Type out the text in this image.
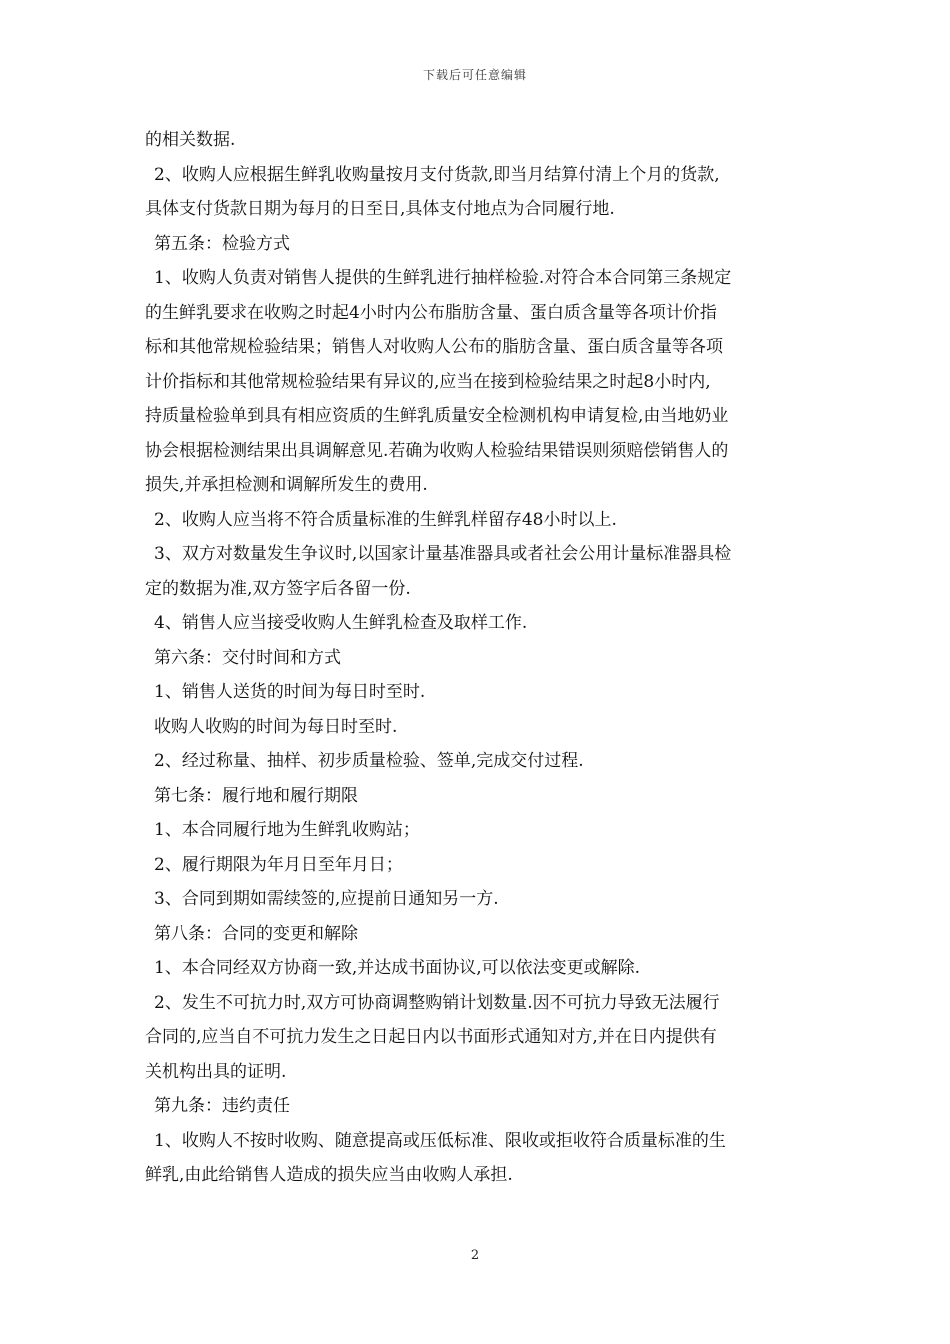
下载后可任意编辑
的相关数据.
2、收购人应根据生鲜乳收购量按月支付货款,即当月结算付清上个月的货款,
具体支付货款日期为每月的日至日,具体支付地点为合同履行地.
第五条：检验方式
1、收购人负责对销售人提供的生鲜乳进行抽样检验.对符合本合同第三条规定
的生鲜乳要求在收购之时起4小时内公布脂肪含量、蛋白质含量等各项计价指
标和其他常规检验结果；销售人对收购人公布的脂肪含量、蛋白质含量等各项
计价指标和其他常规检验结果有异议的,应当在接到检验结果之时起8小时内,
持质量检验单到具有相应资质的生鲜乳质量安全检测机构申请复检,由当地奶业
协会根据检测结果出具调解意见.若确为收购人检验结果错误则须赔偿销售人的
损失,并承担检测和调解所发生的费用.
2、收购人应当将不符合质量标准的生鲜乳样留存48小时以上.
3、双方对数量发生争议时,以国家计量基准器具或者社会公用计量标准器具检
定的数据为准,双方签字后各留一份.
4、销售人应当接受收购人生鲜乳检查及取样工作.
第六条：交付时间和方式
1、销售人送货的时间为每日时至时.
收购人收购的时间为每日时至时.
2、经过称量、抽样、初步质量检验、签单,完成交付过程.
第七条：履行地和履行期限
1、本合同履行地为生鲜乳收购站；
2、履行期限为年月日至年月日；
3、合同到期如需续签的,应提前日通知另一方.
第八条：合同的变更和解除
1、本合同经双方协商一致,并达成书面协议,可以依法变更或解除.
2、发生不可抗力时,双方可协商调整购销计划数量.因不可抗力导致无法履行
合同的,应当自不可抗力发生之日起日内以书面形式通知对方,并在日内提供有
关机构出具的证明.
第九条：违约责任
1、收购人不按时收购、随意提高或压低标准、限收或拒收符合质量标准的生
鲜乳,由此给销售人造成的损失应当由收购人承担.
2
